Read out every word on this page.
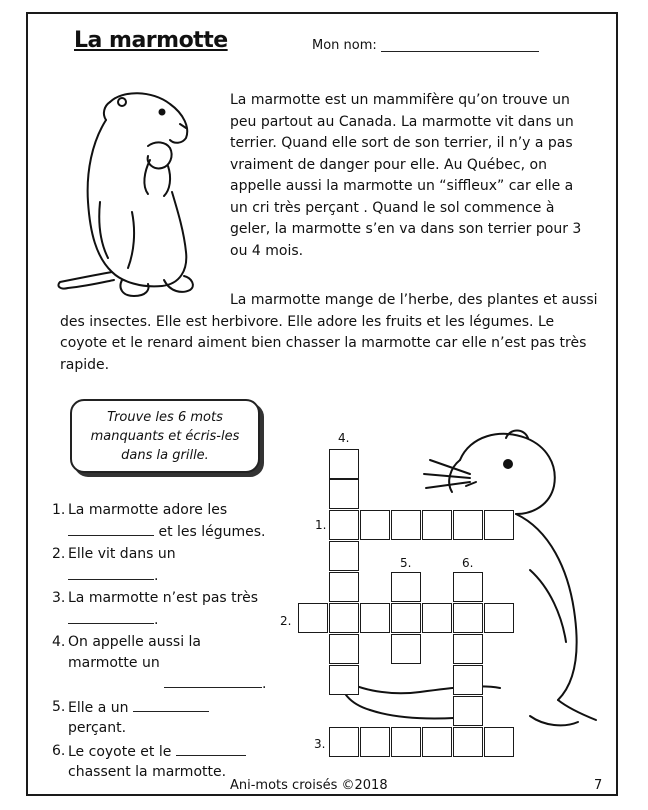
La marmotte	Mon nom:

La marmotte est un mammifère qu’on trouve un peu partout au Canada. La marmotte vit dans un terrier. Quand elle sort de son terrier, il n’y a pas vraiment de danger pour elle. Au Québec, on appelle aussi la marmotte un “siffleux” car elle a un cri très perçant . Quand le sol commence à geler, la marmotte s’en va dans son terrier pour 3 ou 4 mois.

La marmotte mange de l’herbe, des plantes et aussi des insectes. Elle est herbivore. Elle adore les fruits et les légumes. Le coyote et le renard aiment bien chasser la marmotte car elle n’est pas très rapide.

Trouve les 6 mots manquants et écris-les dans la grille.
1. La marmotte adore les
et les légumes.
2. Elle vit dans un
.
3. La marmotte n’est pas très
.
4. On appelle aussi la marmotte un
.
5. Elle a un
perçant.
6. Le coyote et le
chassent la marmotte.
4.
1.
5.	6.
2.
3.
Ani-mots croisés ©2018	7
